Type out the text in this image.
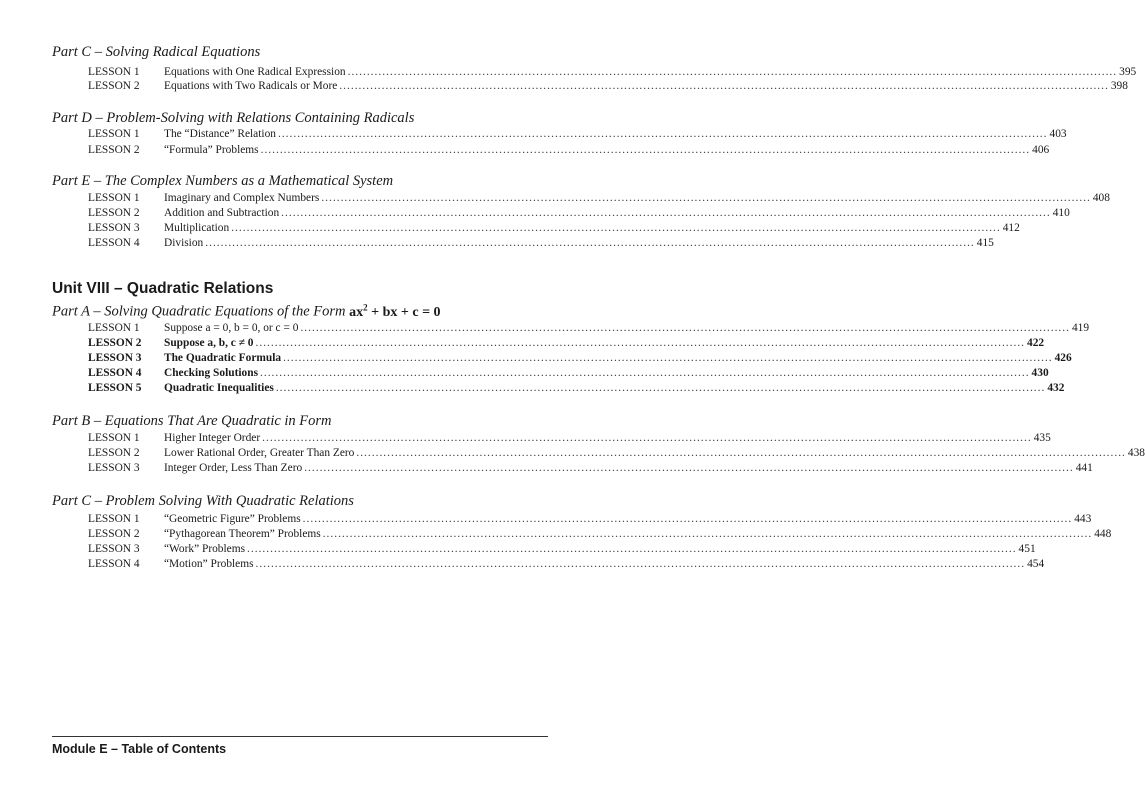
Part C – Solving Radical Equations
LESSON 1	Equations with One Radical Expression ........................................................................................................................................................................................................ 395
LESSON 2	Equations with Two Radicals or More ........................................................................................................................................................................................................ 398
Part D – Problem-Solving with Relations Containing Radicals
LESSON 1	The “Distance” Relation ........................................................................................................................................................................................................ 403
LESSON 2	“Formula” Problems ........................................................................................................................................................................................................ 406
Part E – The Complex Numbers as a Mathematical System
LESSON 1	Imaginary and Complex Numbers ........................................................................................................................................................................................................ 408
LESSON 2	Addition and Subtraction ........................................................................................................................................................................................................ 410
LESSON 3	Multiplication ........................................................................................................................................................................................................ 412
LESSON 4	Division ........................................................................................................................................................................................................ 415
Unit VIII – Quadratic Relations
Part A – Solving Quadratic Equations of the Form $ax^2$ + bx + c = 0
LESSON 1	Suppose a = 0, b = 0, or c = 0 ........................................................................................................................................................................................................ 419
LESSON 2	Suppose a, b, c ≠ 0 ........................................................................................................................................................................................................ 422
LESSON 3	The Quadratic Formula ........................................................................................................................................................................................................ 426
LESSON 4	Checking Solutions ........................................................................................................................................................................................................ 430
LESSON 5	Quadratic Inequalities ........................................................................................................................................................................................................ 432
Part B – Equations That Are Quadratic in Form
LESSON 1	Higher Integer Order ........................................................................................................................................................................................................ 435
LESSON 2	Lower Rational Order, Greater Than Zero ........................................................................................................................................................................................................ 438
LESSON 3	Integer Order, Less Than Zero ........................................................................................................................................................................................................ 441
Part C – Problem Solving With Quadratic Relations
LESSON 1	“Geometric Figure” Problems ........................................................................................................................................................................................................ 443
LESSON 2	“Pythagorean Theorem” Problems ........................................................................................................................................................................................................ 448
LESSON 3	“Work” Problems ........................................................................................................................................................................................................ 451
LESSON 4	“Motion” Problems ........................................................................................................................................................................................................ 454
Module E – Table of Contents
